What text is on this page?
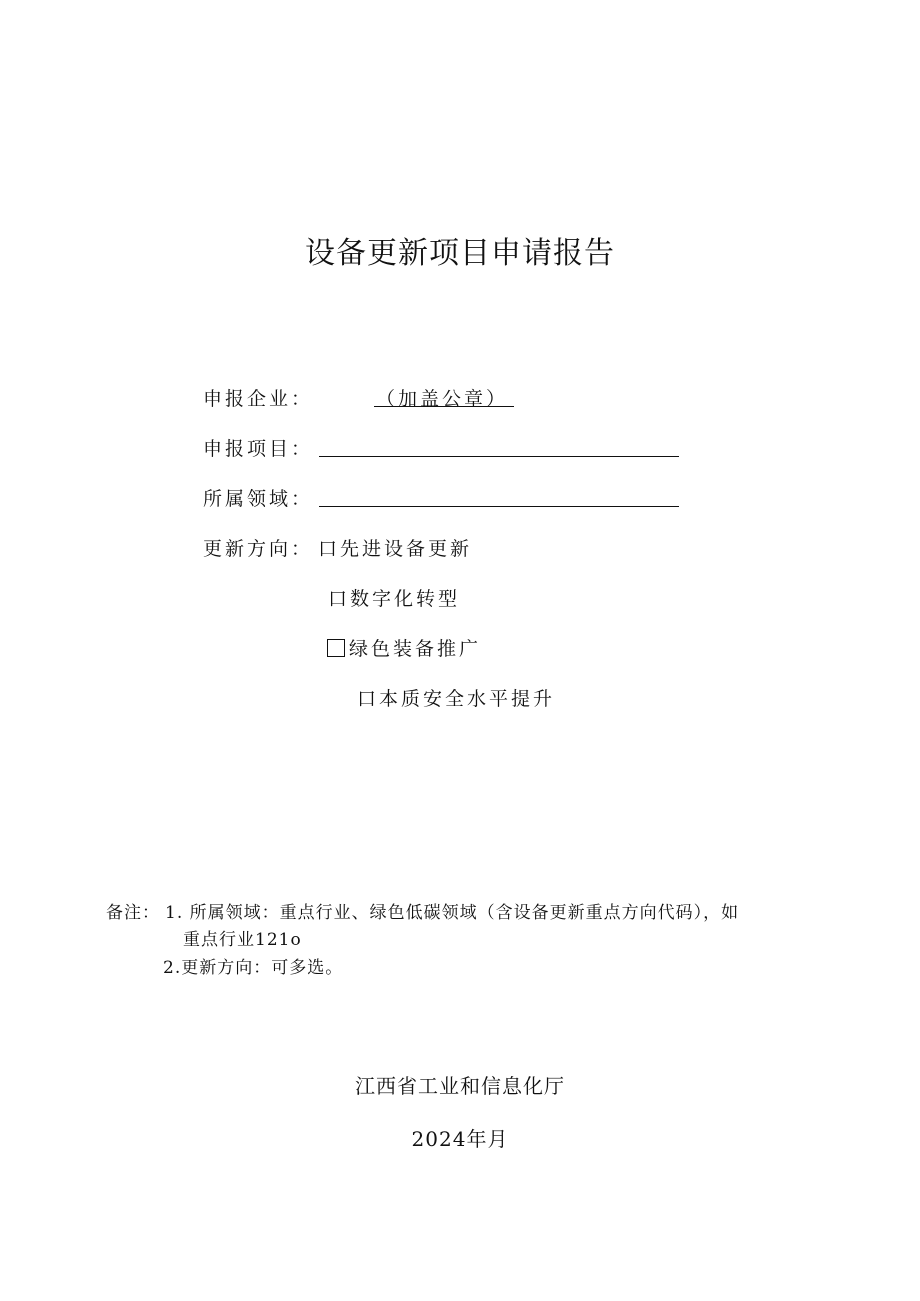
设备更新项目申请报告
申报企业：	（加盖公章）
申报项目：
所属领域：
更新方向： 口先进设备更新
口数字化转型
绿色装备推广
口本质安全水平提升
备注： 1. 所属领域：重点行业、绿色低碳领域（含设备更新重点方向代码），如
重点行业121o
2.更新方向：可多选。
江西省工业和信息化厅
2024年月
